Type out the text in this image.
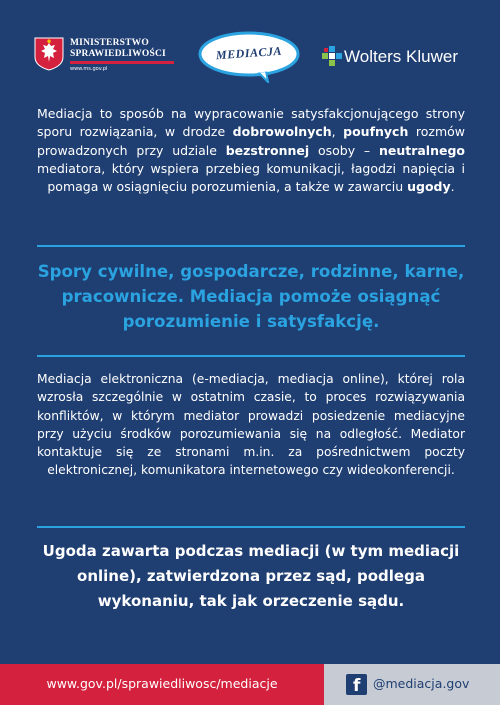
MINISTERSTWO
SPRAWIEDLIWOŚCI
www.ms.gov.pl
MEDIACJA	Wolters Kluwer

Mediacja to sposób na wypracowanie satysfakcjonującego strony sporu rozwiązania, w drodze dobrowolnych, poufnych rozmów prowadzonych przy udziale bezstronnej osoby – neutralnego mediatora, który wspiera przebieg komunikacji, łagodzi napięcia i pomaga w osiągnięciu porozumienia, a także w zawarciu ugody.

Spory cywilne, gospodarcze, rodzinne, karne, pracownicze. Mediacja pomoże osiągnąć porozumienie i satysfakcję.

Mediacja elektroniczna (e-mediacja, mediacja online), której rola wzrosła szczególnie w ostatnim czasie, to proces rozwiązywania konfliktów, w którym mediator prowadzi posiedzenie mediacyjne przy użyciu środków porozumiewania się na odległość. Mediator kontaktuje się ze stronami m.in. za pośrednictwem poczty elektronicznej, komunikatora internetowego czy wideokonferencji.

Ugoda zawarta podczas mediacji (w tym mediacji online), zatwierdzona przez sąd, podlega wykonaniu, tak jak orzeczenie sądu.
www.gov.pl/sprawiedliwosc/mediacje	f @mediacja.gov
